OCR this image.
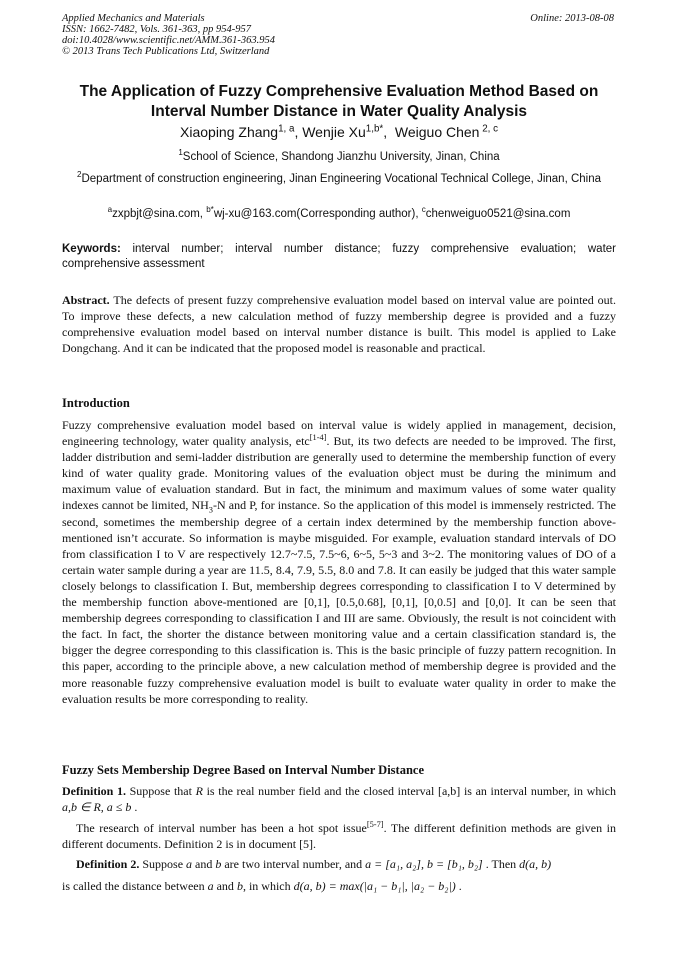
Applied Mechanics and Materials
ISSN: 1662-7482, Vols. 361-363, pp 954-957
doi:10.4028/www.scientific.net/AMM.361-363.954
© 2013 Trans Tech Publications Ltd, Switzerland
Online: 2013-08-08
The Application of Fuzzy Comprehensive Evaluation Method Based on
Interval Number Distance in Water Quality Analysis
Xiaoping Zhang$^{1, a}$, Wenjie $Xu^{1,b*}$,  Weiguo Chen $^{2, c}$
$^1$School of Science, Shandong Jianzhu University, Jinan, China
$^2$Department of construction engineering, Jinan Engineering Vocational Technical College, Jinan, China
$^a$zxpbjt@sina.com, $^{b*}$wj-xu@163.com(Corresponding author), $^c$chenweiguo0521@sina.com
Keywords: interval number; interval number distance; fuzzy comprehensive evaluation; water comprehensive assessment
Abstract. The defects of present fuzzy comprehensive evaluation model based on interval value are pointed out. To improve these defects, a new calculation method of fuzzy membership degree is provided and a fuzzy comprehensive evaluation model based on interval number distance is built. This model is applied to Lake Dongchang. And it can be indicated that the proposed model is reasonable and practical.
Introduction
Fuzzy comprehensive evaluation model based on interval value is widely applied in management, decision, engineering technology, water quality analysis, etc[1-4]. But, its two defects are needed to be improved. The first, ladder distribution and semi-ladder distribution are generally used to determine the membership function of every kind of water quality grade. Monitoring values of the evaluation object must be during the minimum and maximum value of evaluation standard. But in fact, the minimum and maximum values of some water quality indexes cannot be limited, $NH_3-N$ and P, for instance. So the application of this model is immensely restricted. The second, sometimes the membership degree of a certain index determined by the membership function above-mentioned isn’t accurate. So information is maybe misguided. For example, evaluation standard intervals of DO from classification I to V are respectively 12.7~7.5, 7.5~6, 6~5, 5~3 and 3~2. The monitoring values of DO of a certain water sample during a year are 11.5, 8.4, 7.9, 5.5, 8.0 and 7.8. It can easily be judged that this water sample closely belongs to classification I. But, membership degrees corresponding to classification I to V determined by the membership function above-mentioned are [0,1], [0.5,0.68], [0,1], [0,0.5] and [0,0]. It can be seen that membership degrees corresponding to classification I and III are same. Obviously, the result is not coincident with the fact. In fact, the shorter the distance between monitoring value and a certain classification standard is, the bigger the degree corresponding to this classification is. This is the basic principle of fuzzy pattern recognition. In this paper, according to the principle above, a new calculation method of membership degree is provided and the more reasonable fuzzy comprehensive evaluation model is built to evaluate water quality in order to make the evaluation results be more corresponding to reality.
Fuzzy Sets Membership Degree Based on Interval Number Distance
Definition 1. Suppose that R is the real number field and the closed interval [a,b] is an interval number, in which a,b ∈ R, a ≤ b .
The research of interval number has been a hot spot issue[5-7]. The different definition methods are given in different documents. Definition 2 is in document [5].
Definition 2. Suppose a and b are two interval number, and a = [a₁, a₂], b = [b₁, b₂] . Then d(a, b)
is called the distance between a and b, in which d(a, b) = max(|a₁ − b₁|, |a₂ − b₂|) .
